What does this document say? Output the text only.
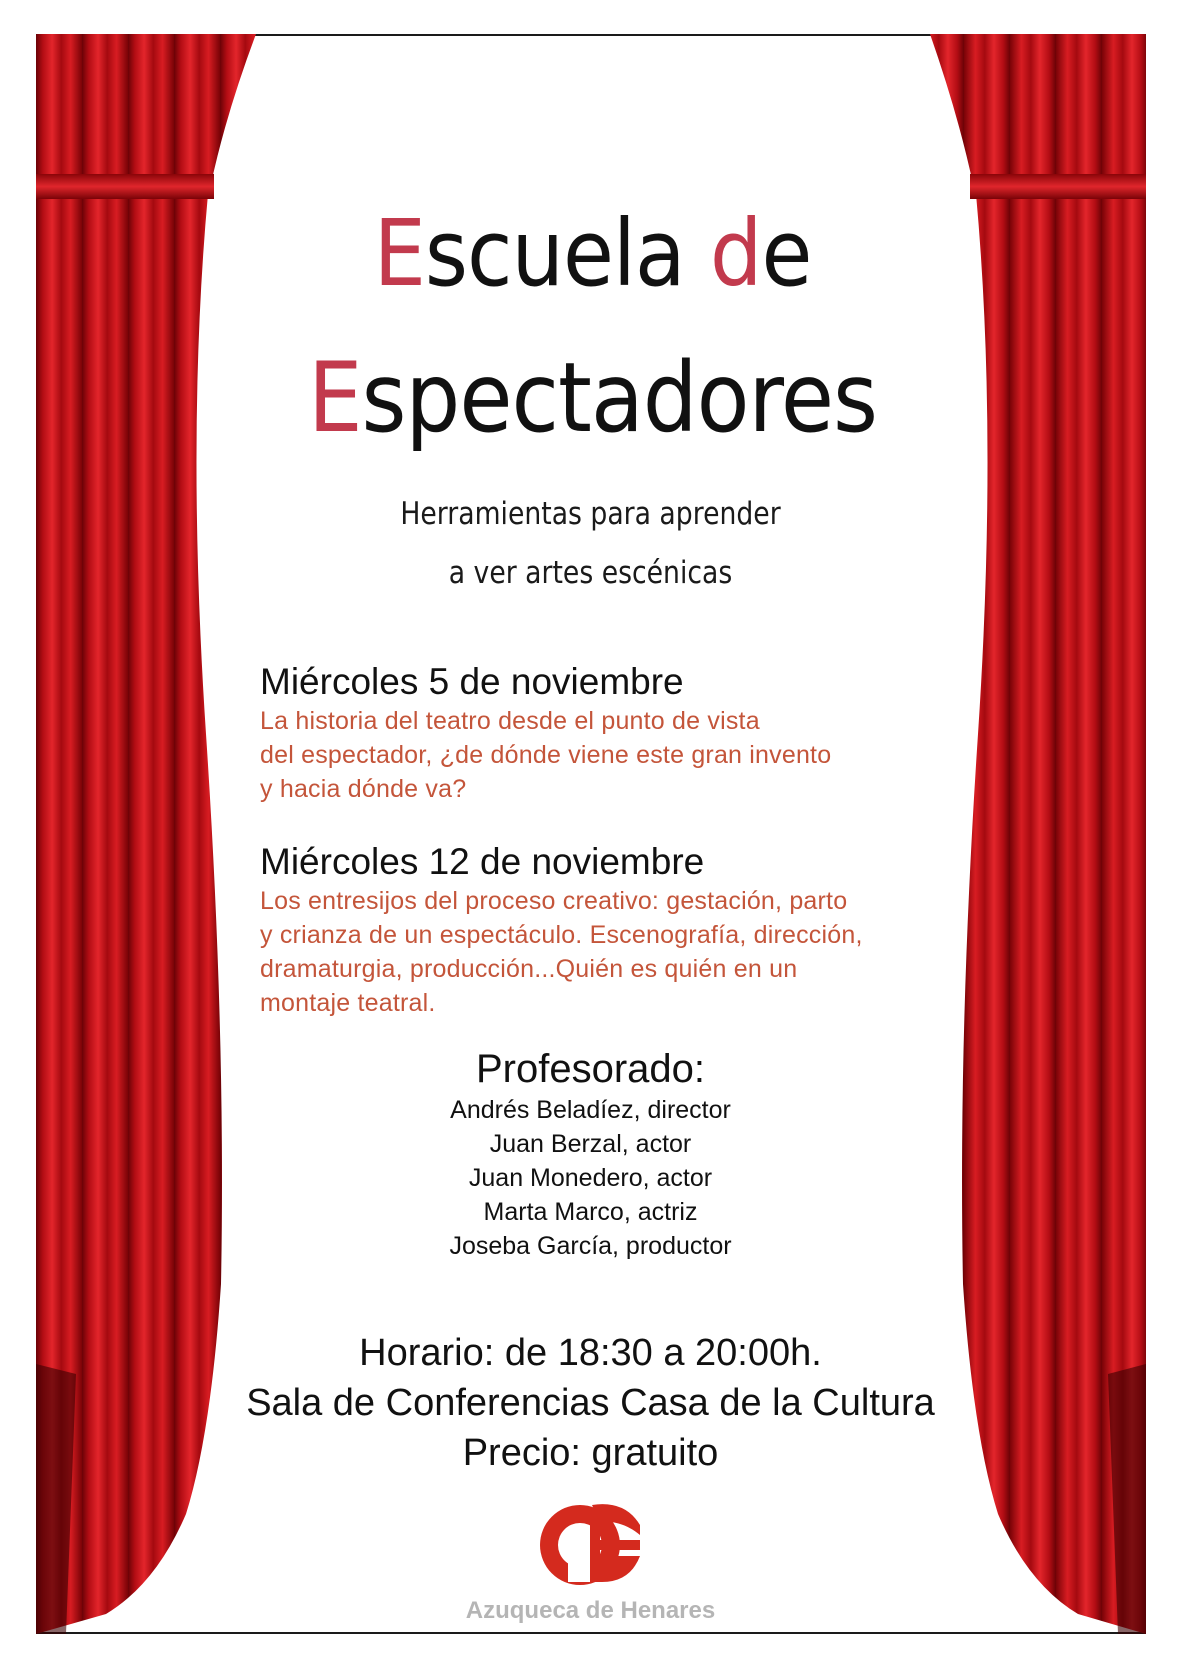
Escuela de
Espectadores
Herramientas para aprender
a ver artes escénicas

Miércoles 5 de noviembre

La historia del teatro desde el punto de vista
del espectador, ¿de dónde viene este gran invento
y hacia dónde va?

Miércoles 12 de noviembre

Los entresijos del proceso creativo: gestación, parto
y crianza de un espectáculo. Escenografía, dirección,
dramaturgia, producción...Quién es quién en un
montaje teatral.

Profesorado:

Andrés Beladíez, director
Juan Berzal, actor
Juan Monedero, actor
Marta Marco, actriz
Joseba García, productor
Horario: de 18:30 a 20:00h.
Sala de Conferencias Casa de la Cultura
Precio: gratuito
Azuqueca de Henares
